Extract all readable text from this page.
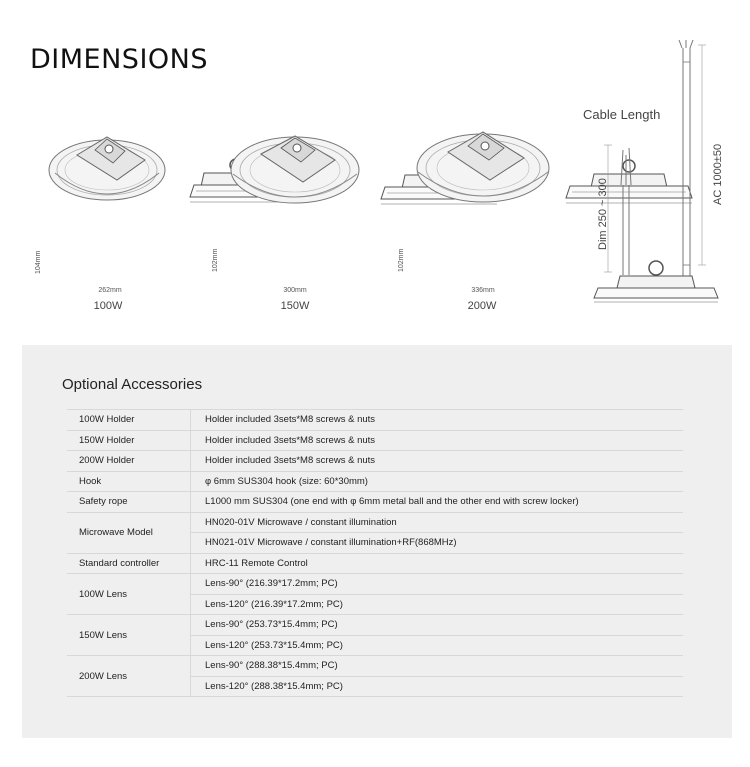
DIMENSIONS

104mm
262mm
100W

102mm
300mm
150W

102mm
336mm
200W
Cable Length
Dim 250 ~ 300
AC 1000±50
Optional Accessories
100W Holder	Holder included 3sets*M8 screws & nuts
150W Holder	Holder included 3sets*M8 screws & nuts
200W Holder	Holder included 3sets*M8 screws & nuts
Hook	φ 6mm SUS304 hook (size: 60*30mm)
Safety rope	L1000 mm SUS304 (one end with φ 6mm metal ball and the other end with screw locker)
Microwave Model	HN020-01V Microwave / constant illumination
	HN021-01V Microwave / constant illumination+RF(868MHz)
Standard controller	HRC-11 Remote Control
100W Lens	Lens-90° (216.39*17.2mm; PC)
	Lens-120° (216.39*17.2mm; PC)
150W Lens	Lens-90° (253.73*15.4mm; PC)
	Lens-120° (253.73*15.4mm; PC)
200W Lens	Lens-90° (288.38*15.4mm; PC)
	Lens-120° (288.38*15.4mm; PC)
